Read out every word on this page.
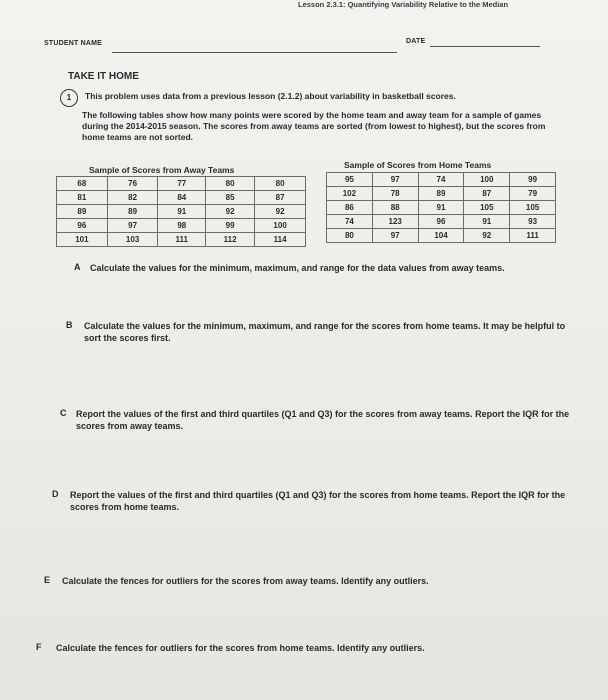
Lesson 2.3.1: Quantifying Variability Relative to the Median
STUDENT NAME	DATE
TAKE IT HOME
1	This problem uses data from a previous lesson (2.1.2) about variability in basketball scores.
The following tables show how many points were scored by the home team and away team for a sample of games during the 2014-2015 season. The scores from away teams are sorted (from lowest to highest), but the scores from home teams are not sorted.
Sample of Scores from Away Teams
68	76	77	80	80
81	82	84	85	87
89	89	91	92	92
96	97	98	99	100
101	103	111	112	114
Sample of Scores from Home Teams
95	97	74	100	99
102	78	89	87	79
86	88	91	105	105
74	123	96	91	93
80	97	104	92	111
A Calculate the values for the minimum, maximum, and range for the data values from away teams.
B Calculate the values for the minimum, maximum, and range for the scores from home teams. It may be helpful to sort the scores first.
C Report the values of the first and third quartiles (Q1 and Q3) for the scores from away teams. Report the IQR for the scores from away teams.
D Report the values of the first and third quartiles (Q1 and Q3) for the scores from home teams. Report the IQR for the scores from home teams.
E Calculate the fences for outliers for the scores from away teams. Identify any outliers.
F Calculate the fences for outliers for the scores from home teams. Identify any outliers.
